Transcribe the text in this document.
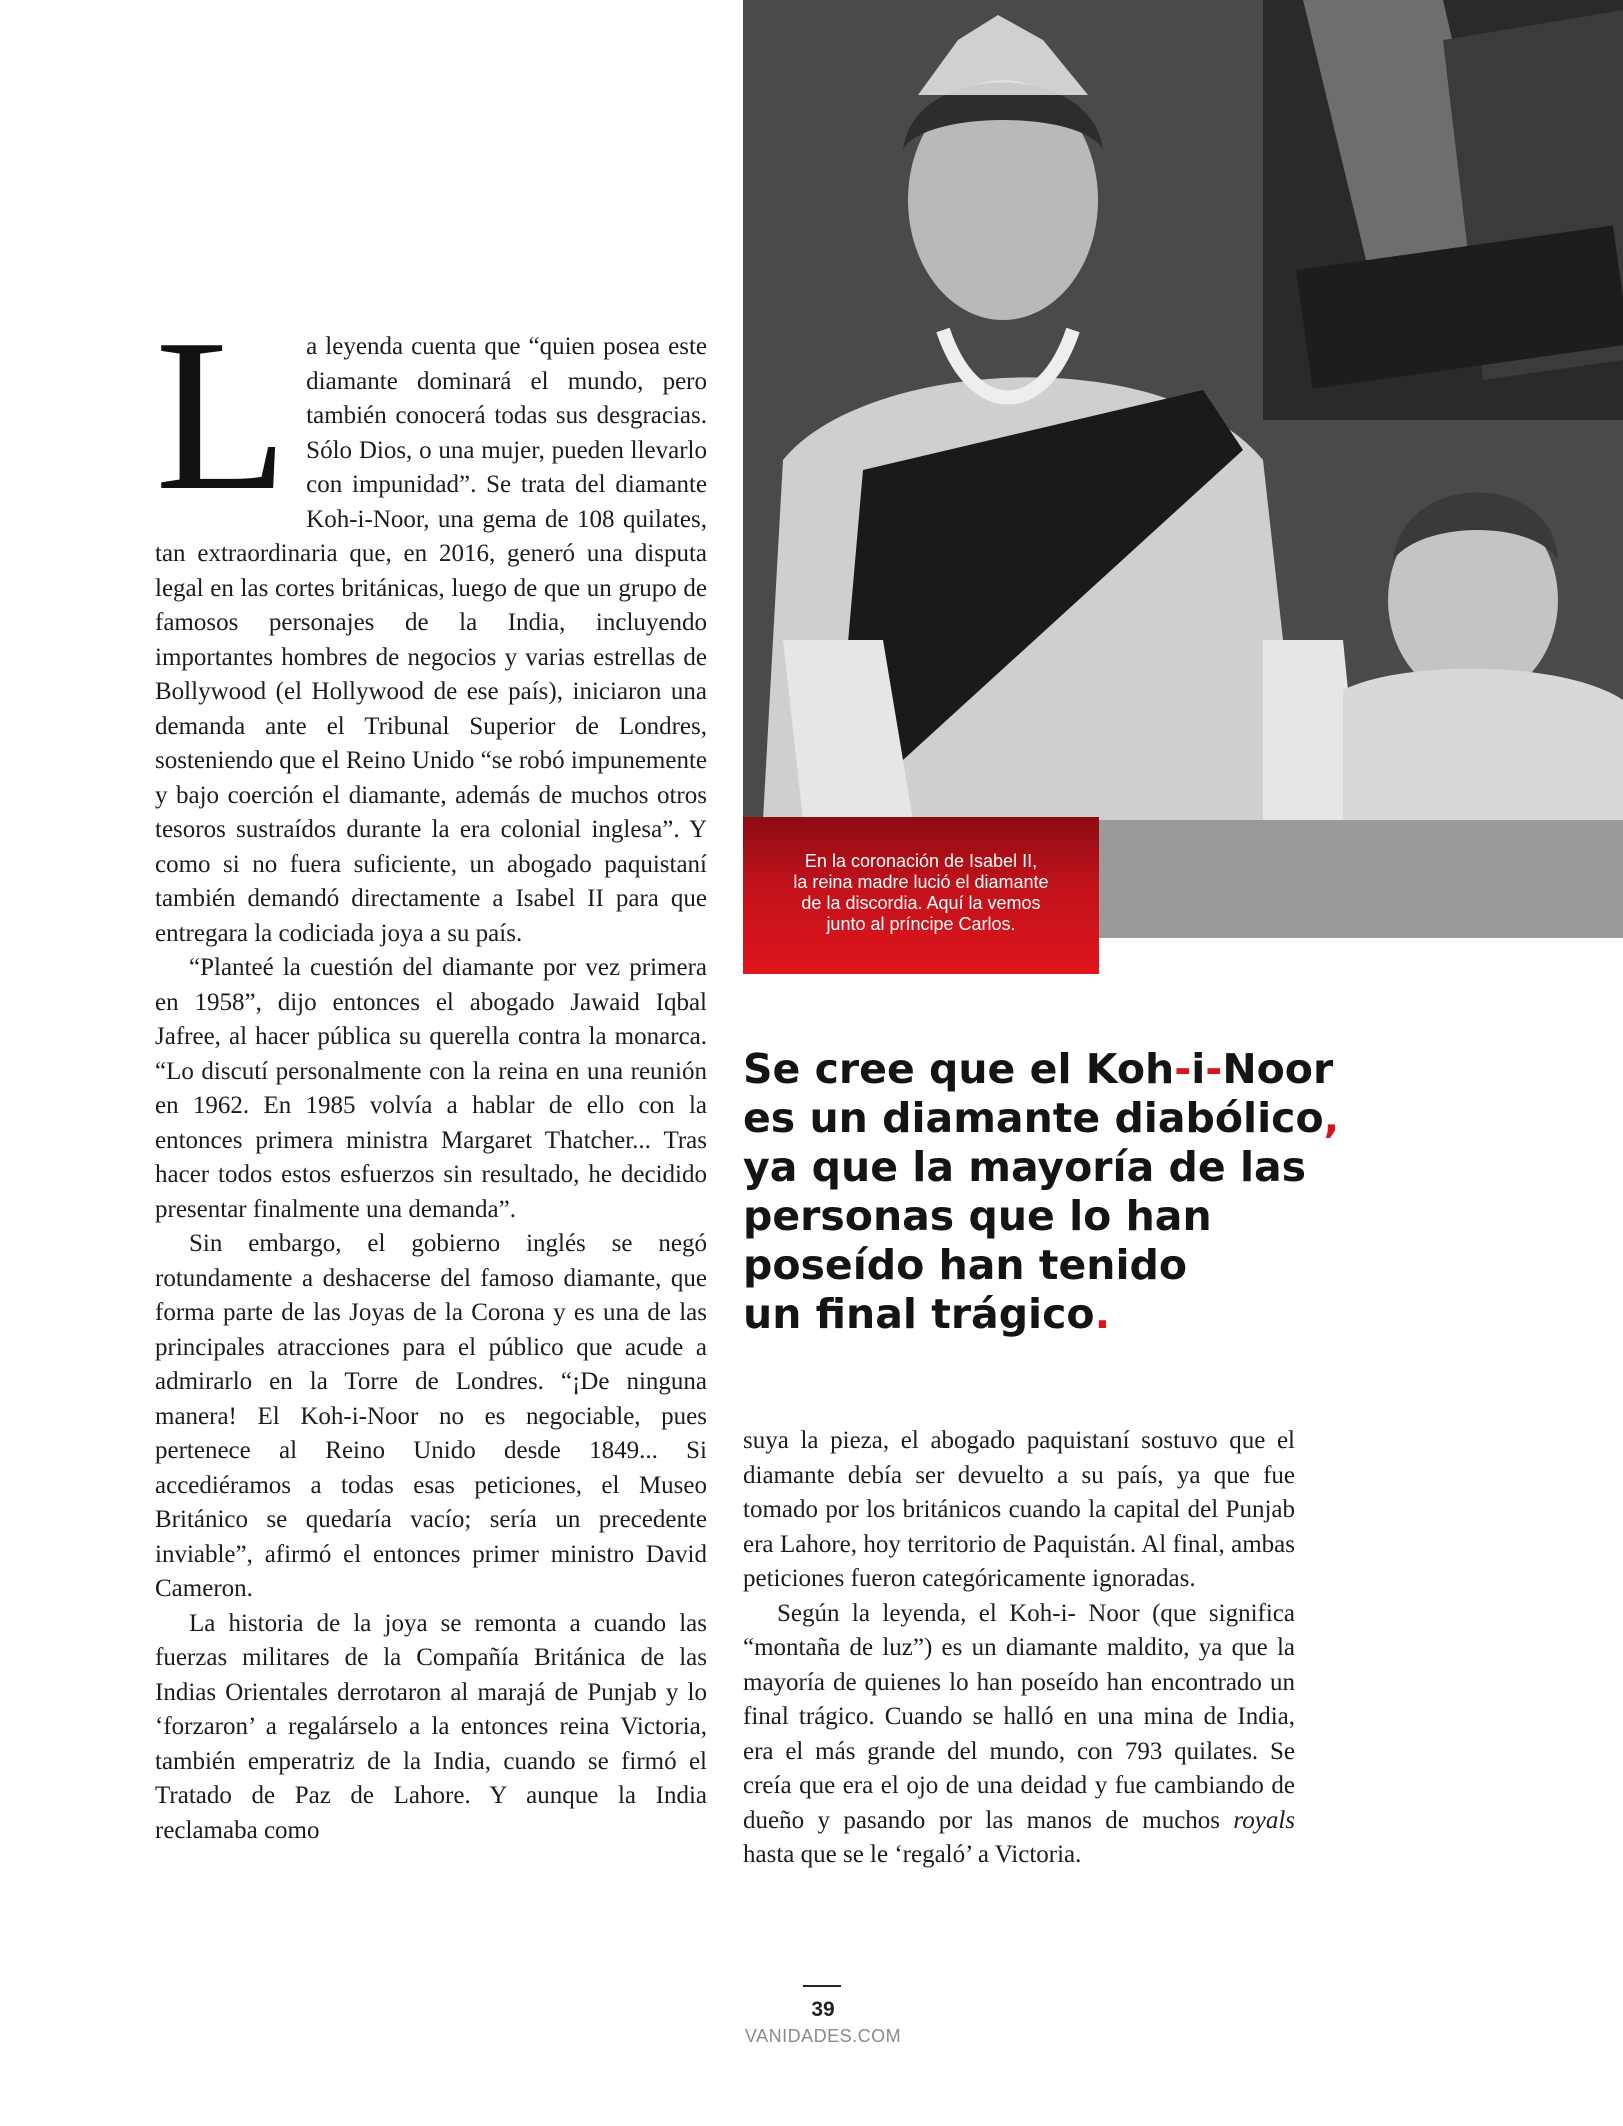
En la coronación de Isabel II,
la reina madre lució el diamante
de la discordia. Aquí la vemos
junto al príncipe Carlos.

La leyenda cuenta que “quien posea este diamante dominará el mundo, pero también conocerá todas sus desgracias. Sólo Dios, o una mujer, pueden llevarlo con impunidad”. Se trata del diamante Koh-i-Noor, una gema de 108 quilates, tan extraordinaria que, en 2016, generó una disputa legal en las cortes británicas, luego de que un grupo de famosos personajes de la India, incluyendo importantes hombres de negocios y varias estrellas de Bollywood (el Hollywood de ese país), iniciaron una demanda ante el Tribunal Superior de Londres, sosteniendo que el Reino Unido “se robó impunemente y bajo coerción el diamante, además de muchos otros tesoros sustraídos durante la era colonial inglesa”. Y como si no fuera suficiente, un abogado paquistaní también demandó directamente a Isabel II para que entregara la codiciada joya a su país.

“Planteé la cuestión del diamante por vez primera en 1958”, dijo entonces el abogado Jawaid Iqbal Jafree, al hacer pública su querella contra la monarca. “Lo discutí personalmente con la reina en una reunión en 1962. En 1985 volvía a hablar de ello con la entonces primera ministra Margaret Thatcher... Tras hacer todos estos esfuerzos sin resultado, he decidido presentar finalmente una demanda”.

Sin embargo, el gobierno inglés se negó rotundamente a deshacerse del famoso diamante, que forma parte de las Joyas de la Corona y es una de las principales atracciones para el público que acude a admirarlo en la Torre de Londres. “¡De ninguna manera! El Koh-i-Noor no es negociable, pues pertenece al Reino Unido desde 1849... Si accediéramos a todas esas peticiones, el Museo Británico se quedaría vacío; sería un precedente inviable”, afirmó el entonces primer ministro David Cameron.

La historia de la joya se remonta a cuando las fuerzas militares de la Compañía Británica de las Indias Orientales derrotaron al marajá de Punjab y lo ‘forzaron’ a regalárselo a la entonces reina Victoria, también emperatriz de la India, cuando se firmó el Tratado de Paz de Lahore. Y aunque la India reclamaba como

Se cree que el Koh-i-Noor
es un diamante diabólico,
ya que la mayoría de las
personas que lo han
poseído han tenido
un final trágico.

suya la pieza, el abogado paquistaní sostuvo que el diamante debía ser devuelto a su país, ya que fue tomado por los británicos cuando la capital del Punjab era Lahore, hoy territorio de Paquistán. Al final, ambas peticiones fueron categóricamente ignoradas.

Según la leyenda, el Koh-i- Noor (que significa “montaña de luz”) es un diamante maldito, ya que la mayoría de quienes lo han poseído han encontrado un final trágico. Cuando se halló en una mina de India, era el más grande del mundo, con 793 quilates. Se creía que era el ojo de una deidad y fue cambiando de dueño y pasando por las manos de muchos royals hasta que se le ‘regaló’ a Victoria.

39
VANIDADES.COM
